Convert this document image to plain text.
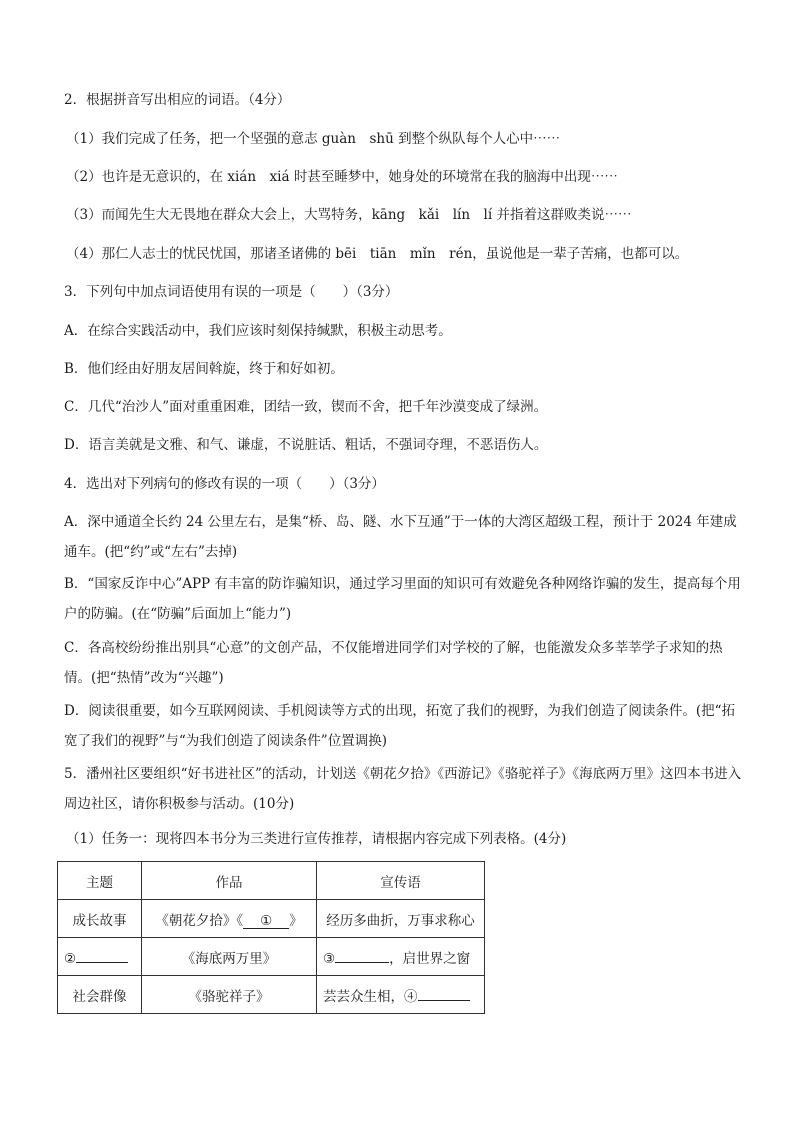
2．根据拼音写出相应的词语。（4分）
（1）我们完成了任务，把一个坚强的意志 guàn　shū 到整个纵队每个人心中⋯⋯
（2）也许是无意识的，在 xián　xiá 时甚至睡梦中，她身处的环境常在我的脑海中出现⋯⋯
（3）而闻先生大无畏地在群众大会上，大骂特务，kāng　kǎi　lín　lí 并指着这群败类说⋯⋯
（4）那仁人志士的忧民忧国，那诸圣诸佛的 bēi　tiān　mǐn　rén，虽说他是一辈子苦痛，也都可以。
3．下列句中加点词语使用有误的一项是（　　）（3分）
A．在综合实践活动中，我们应该时刻保持缄默，积极主动思考。
B．他们经由好朋友居间斡旋，终于和好如初。
C．几代“治沙人”面对重重困难，团结一致，锲而不舍，把千年沙漠变成了绿洲。
D．语言美就是文雅、和气、谦虚，不说脏话、粗话，不强词夺理，不恶语伤人。
4．选出对下列病句的修改有误的一项（　　）（3分）
A．深中通道全长约 24 公里左右，是集“桥、岛、隧、水下互通”于一体的大湾区超级工程，预计于 2024 年建成通车。(把“约”或“左右”去掉)
B．“国家反诈中心”APP 有丰富的防诈骗知识，通过学习里面的知识可有效避免各种网络诈骗的发生，提高每个用户的防骗。(在“防骗”后面加上“能力”)
C．各高校纷纷推出别具“心意”的文创产品，不仅能增进同学们对学校的了解，也能激发众多莘莘学子求知的热情。(把“热情”改为“兴趣”)
D．阅读很重要，如今互联网阅读、手机阅读等方式的出现，拓宽了我们的视野，为我们创造了阅读条件。(把“拓宽了我们的视野”与“为我们创造了阅读条件”位置调换)
5．潘州社区要组织“好书进社区”的活动，计划送《朝花夕拾》《西游记》《骆驼祥子》《海底两万里》这四本书进入周边社区，请你积极参与活动。(10分)
（1）任务一：现将四本书分为三类进行宣传推荐，请根据内容完成下列表格。(4分)
主题	作品	宣传语
成长故事	《朝花夕拾》《 ① 》	经历多曲折，万事求称心
②	《海底两万里》	③ ，启世界之窗
社会群像	《骆驼祥子》	芸芸众生相，④
